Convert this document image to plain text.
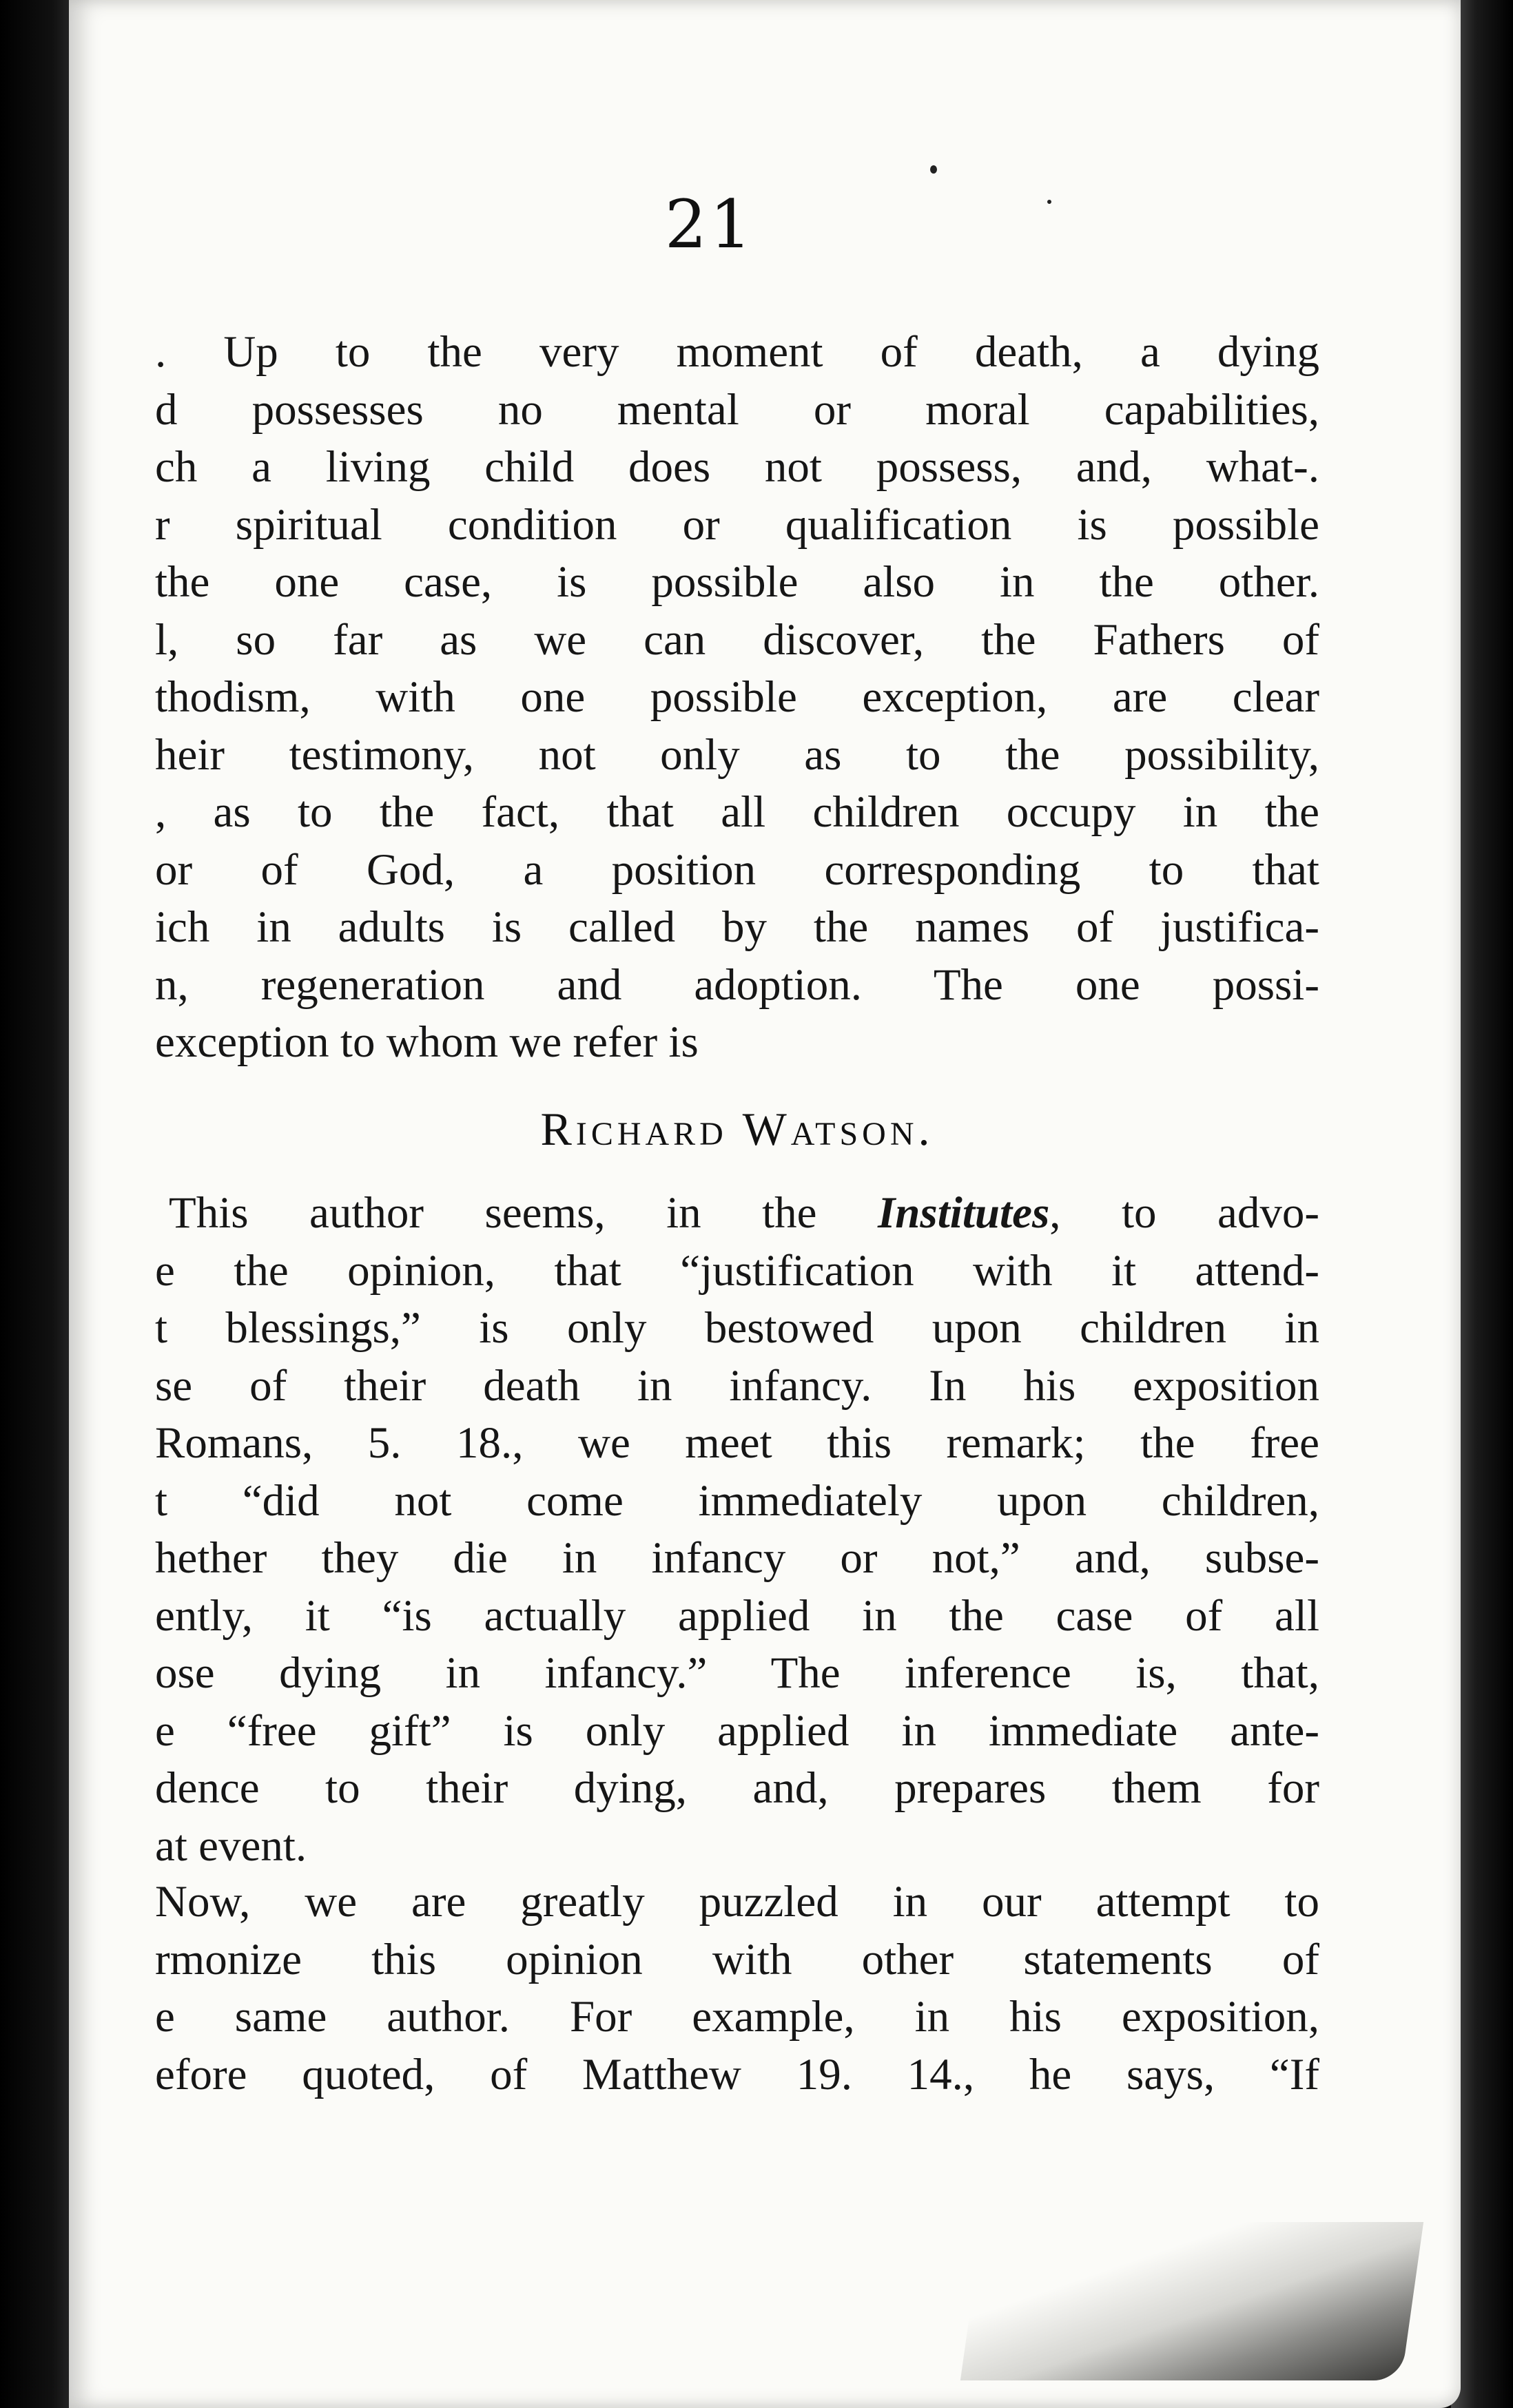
21
. Up to the very moment of death, a dying
d possesses no mental or moral capabilities,
ch a living child does not possess, and, what-.
r spiritual condition or qualification is possible
the one case, is possible also in the other.
l, so far as we can discover, the Fathers of
thodism, with one possible exception, are clear
heir testimony, not only as to the possibility,
, as to the fact, that all children occupy in the
or of God, a position corresponding to that
ich in adults is called by the names of justifica-
n, regeneration and adoption. The one possi-
exception to whom we refer is
Richard Watson.
This author seems, in the Institutes, to advo-
e the opinion, that “justification with it attend-
t blessings,” is only bestowed upon children in
se of their death in infancy. In his exposition
Romans, 5. 18., we meet this remark; the free
t “did not come immediately upon children,
hether they die in infancy or not,” and, subse-
ently, it “is actually applied in the case of all
ose dying in infancy.” The inference is, that,
e “free gift” is only applied in immediate ante-
dence to their dying, and, prepares them for
at event.
Now, we are greatly puzzled in our attempt to
rmonize this opinion with other statements of
e same author. For example, in his exposition,
efore quoted, of Matthew 19. 14., he says, “If
